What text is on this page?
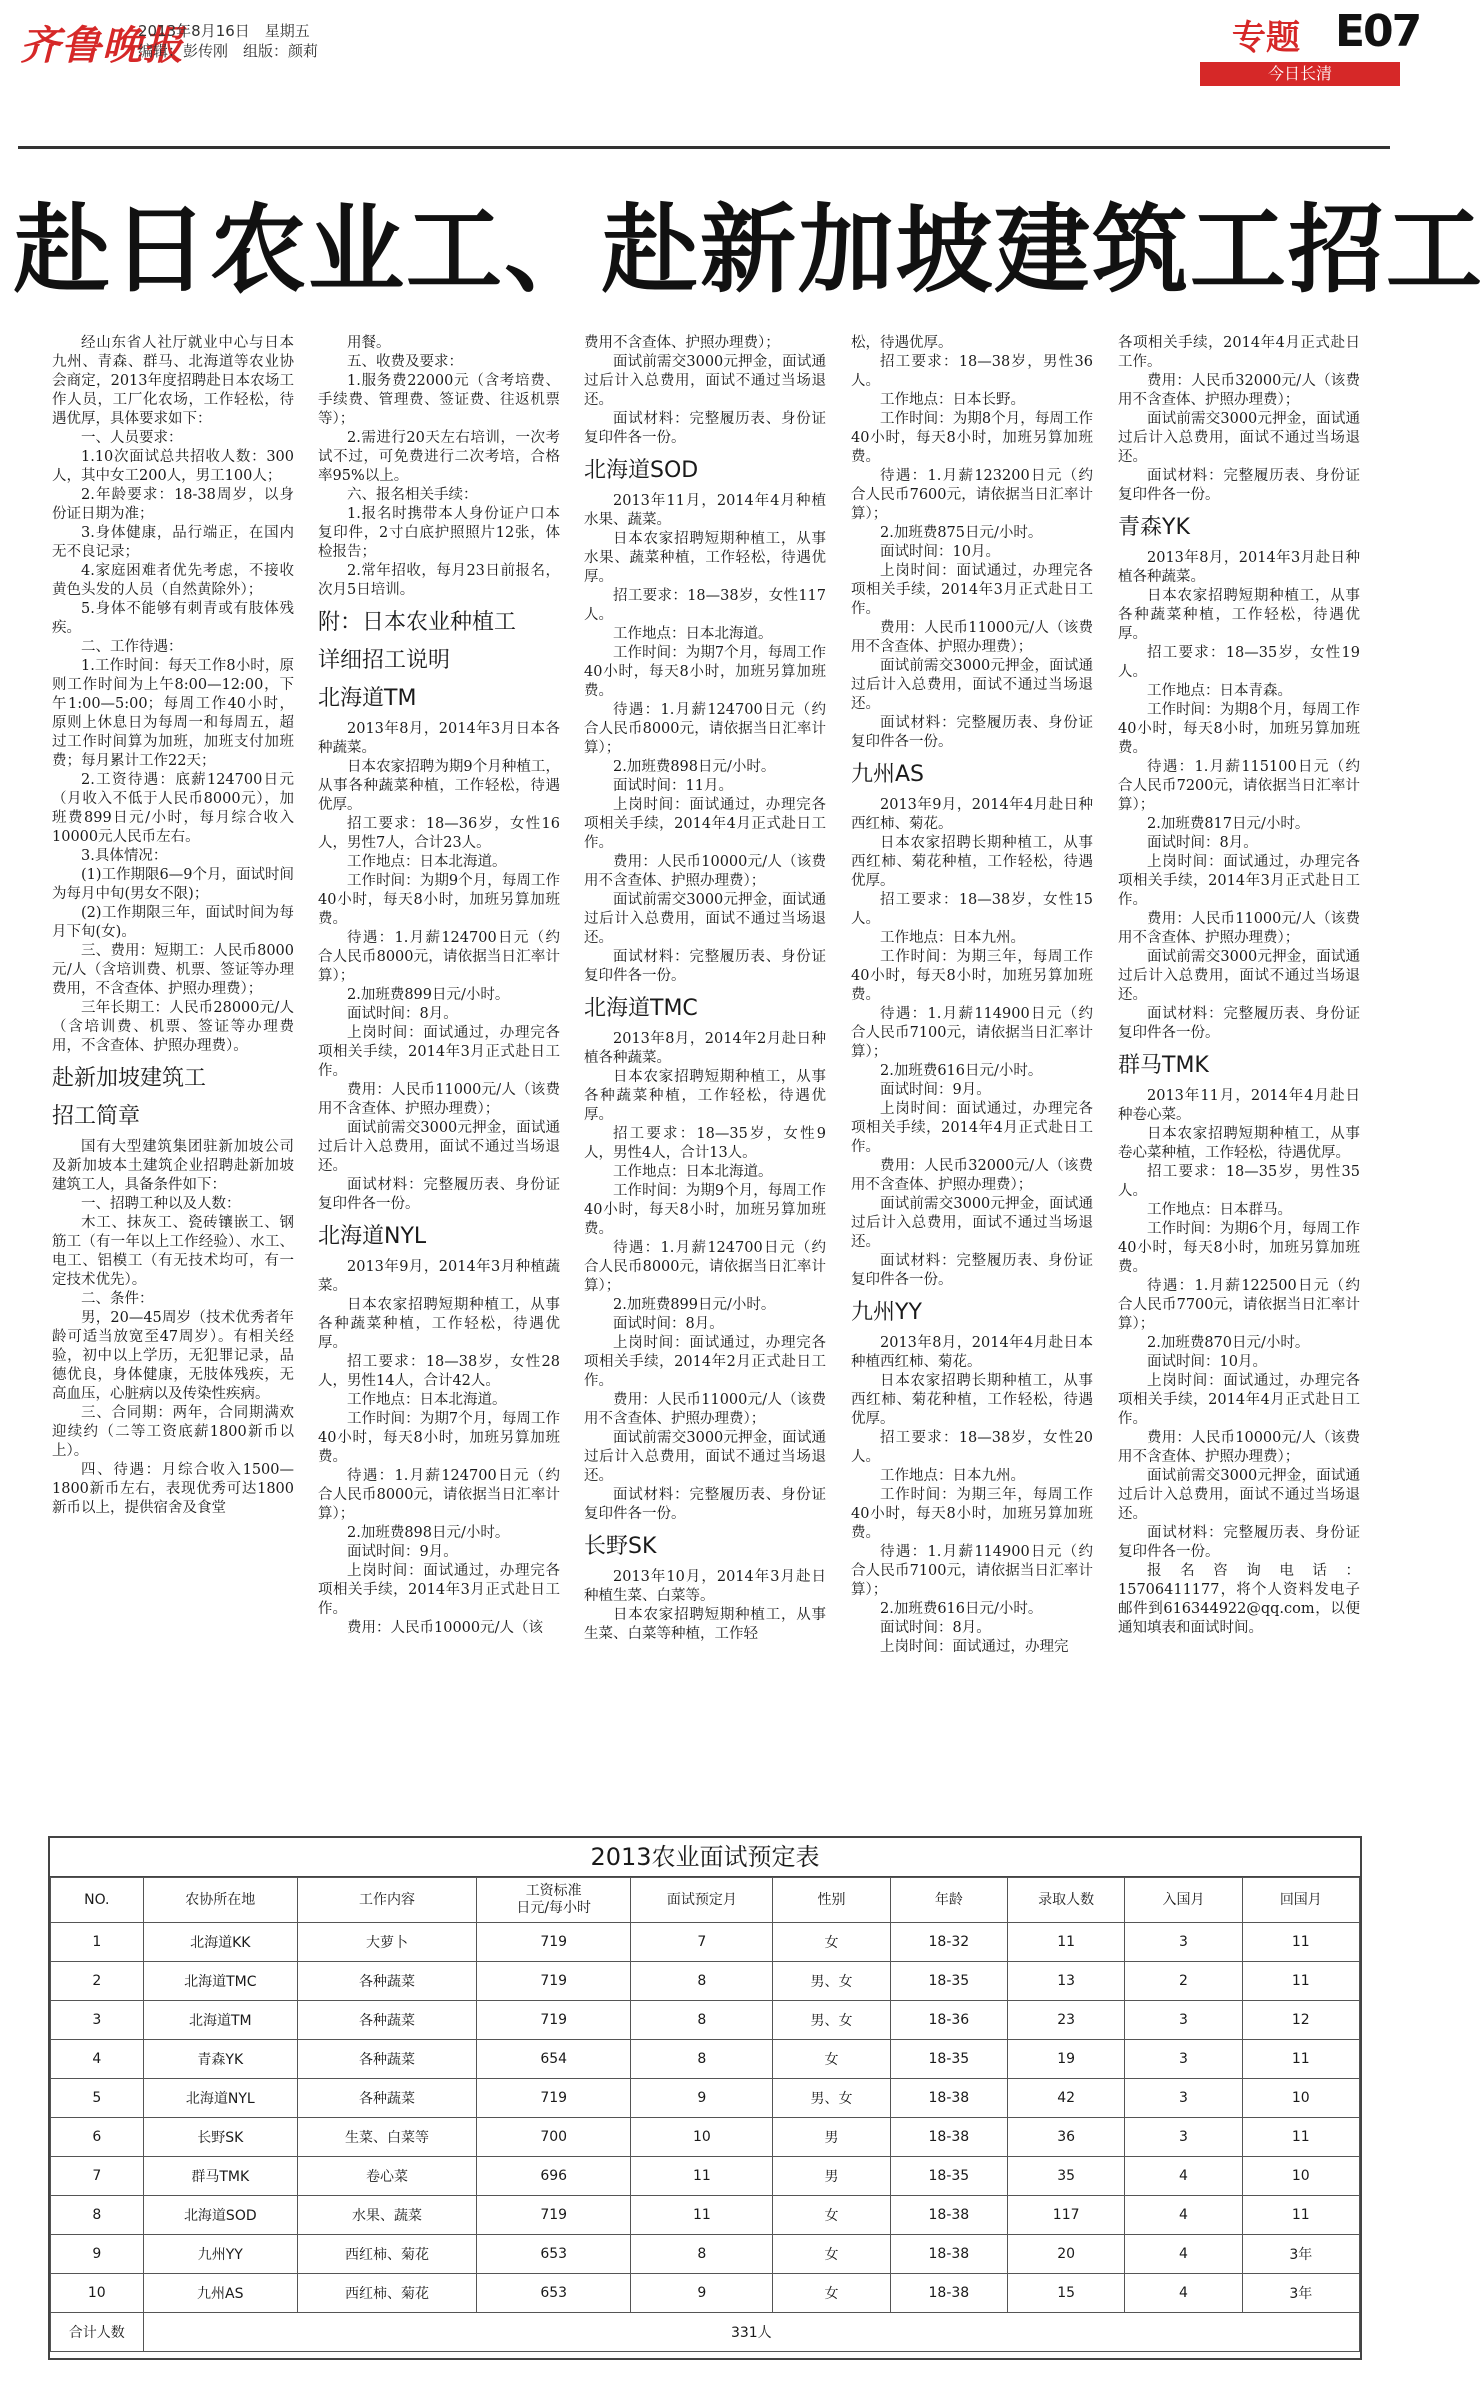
齐鲁晚报
2013年8月16日　星期五
编辑：彭传刚　组版：颜莉	专题 E07
今日长清
赴日农业工、赴新加坡建筑工招工

经山东省人社厅就业中心与日本九州、青森、群马、北海道等农业协会商定，2013年度招聘赴日本农场工作人员，工厂化农场，工作轻松，待遇优厚，具体要求如下：

一、人员要求：

1.10次面试总共招收人数：300人，其中女工200人，男工100人；

2.年龄要求：18-38周岁，以身份证日期为准；

3.身体健康，品行端正，在国内无不良记录；

4.家庭困难者优先考虑，不接收黄色头发的人员（自然黄除外）；

5.身体不能够有刺青或有肢体残疾。

二、工作待遇：

1.工作时间：每天工作8小时，原则工作时间为上午8:00—12:00，下午1:00—5:00；每周工作40小时，原则上休息日为每周一和每周五，超过工作时间算为加班，加班支付加班费；每月累计工作22天；

2.工资待遇：底薪124700日元（月收入不低于人民币8000元），加班费899日元/小时，每月综合收入10000元人民币左右。

3.具体情况：

(1)工作期限6—9个月，面试时间为每月中旬(男女不限)；

(2)工作期限三年，面试时间为每月下旬(女)。

三、费用：短期工：人民币8000元/人（含培训费、机票、签证等办理费用，不含查体、护照办理费）；

三年长期工：人民币28000元/人（含培训费、机票、签证等办理费用，不含查体、护照办理费）。

赴新加坡建筑工
招工简章

国有大型建筑集团驻新加坡公司及新加坡本土建筑企业招聘赴新加坡建筑工人，具备条件如下：

一、招聘工种以及人数：

木工、抹灰工、瓷砖镶嵌工、钢筋工（有一年以上工作经验）、水工、电工、铝模工（有无技术均可，有一定技术优先）。

二、条件：

男，20—45周岁（技术优秀者年龄可适当放宽至47周岁）。有相关经验，初中以上学历，无犯罪记录，品德优良，身体健康，无肢体残疾，无高血压，心脏病以及传染性疾病。

三、合同期：两年，合同期满欢迎续约（二等工资底薪1800新币以上）。

四、待遇：月综合收入1500—1800新币左右，表现优秀可达1800新币以上，提供宿舍及食堂

用餐。

五、收费及要求：

1.服务费22000元（含考培费、手续费、管理费、签证费、往返机票等）；

2.需进行20天左右培训，一次考试不过，可免费进行二次考培，合格率95%以上。

六、报名相关手续：

1.报名时携带本人身份证户口本复印件，2寸白底护照照片12张，体检报告；

2.常年招收，每月23日前报名，次月5日培训。

附：日本农业种植工
详细招工说明
北海道TM

2013年8月，2014年3月日本各种蔬菜。

日本农家招聘为期9个月种植工，从事各种蔬菜种植，工作轻松，待遇优厚。

招工要求：18—36岁，女性16人，男性7人，合计23人。

工作地点：日本北海道。

工作时间：为期9个月，每周工作40小时，每天8小时，加班另算加班费。

待遇：1.月薪124700日元（约合人民币8000元，请依据当日汇率计算）；

2.加班费899日元/小时。

面试时间：8月。

上岗时间：面试通过，办理完各项相关手续，2014年3月正式赴日工作。

费用：人民币11000元/人（该费用不含查体、护照办理费）；

面试前需交3000元押金，面试通过后计入总费用，面试不通过当场退还。

面试材料：完整履历表、身份证复印件各一份。

北海道NYL

2013年9月，2014年3月种植蔬菜。

日本农家招聘短期种植工，从事各种蔬菜种植，工作轻松，待遇优厚。

招工要求：18—38岁，女性28人，男性14人，合计42人。

工作地点：日本北海道。

工作时间：为期7个月，每周工作40小时，每天8小时，加班另算加班费。

待遇：1.月薪124700日元（约合人民币8000元，请依据当日汇率计算）；

2.加班费898日元/小时。

面试时间：9月。

上岗时间：面试通过，办理完各项相关手续，2014年3月正式赴日工作。

费用：人民币10000元/人（该

费用不含查体、护照办理费）；

面试前需交3000元押金，面试通过后计入总费用，面试不通过当场退还。

面试材料：完整履历表、身份证复印件各一份。

北海道SOD

2013年11月，2014年4月种植水果、蔬菜。

日本农家招聘短期种植工，从事水果、蔬菜种植，工作轻松，待遇优厚。

招工要求：18—38岁，女性117人。

工作地点：日本北海道。

工作时间：为期7个月，每周工作40小时，每天8小时，加班另算加班费。

待遇：1.月薪124700日元（约合人民币8000元，请依据当日汇率计算）；

2.加班费898日元/小时。

面试时间：11月。

上岗时间：面试通过，办理完各项相关手续，2014年4月正式赴日工作。

费用：人民币10000元/人（该费用不含查体、护照办理费）；

面试前需交3000元押金，面试通过后计入总费用，面试不通过当场退还。

面试材料：完整履历表、身份证复印件各一份。

北海道TMC

2013年8月，2014年2月赴日种植各种蔬菜。

日本农家招聘短期种植工，从事各种蔬菜种植，工作轻松，待遇优厚。

招工要求：18—35岁，女性9人，男性4人，合计13人。

工作地点：日本北海道。

工作时间：为期9个月，每周工作40小时，每天8小时，加班另算加班费。

待遇：1.月薪124700日元（约合人民币8000元，请依据当日汇率计算）；

2.加班费899日元/小时。

面试时间：8月。

上岗时间：面试通过，办理完各项相关手续，2014年2月正式赴日工作。

费用：人民币11000元/人（该费用不含查体、护照办理费）；

面试前需交3000元押金，面试通过后计入总费用，面试不通过当场退还。

面试材料：完整履历表、身份证复印件各一份。

长野SK

2013年10月，2014年3月赴日种植生菜、白菜等。

日本农家招聘短期种植工，从事生菜、白菜等种植，工作轻

松，待遇优厚。

招工要求：18—38岁，男性36人。

工作地点：日本长野。

工作时间：为期8个月，每周工作40小时，每天8小时，加班另算加班费。

待遇：1.月薪123200日元（约合人民币7600元，请依据当日汇率计算）；

2.加班费875日元/小时。

面试时间：10月。

上岗时间：面试通过，办理完各项相关手续，2014年3月正式赴日工作。

费用：人民币11000元/人（该费用不含查体、护照办理费）；

面试前需交3000元押金，面试通过后计入总费用，面试不通过当场退还。

面试材料：完整履历表、身份证复印件各一份。

九州AS

2013年9月，2014年4月赴日种西红柿、菊花。

日本农家招聘长期种植工，从事西红柿、菊花种植，工作轻松，待遇优厚。

招工要求：18—38岁，女性15人。

工作地点：日本九州。

工作时间：为期三年，每周工作40小时，每天8小时，加班另算加班费。

待遇：1.月薪114900日元（约合人民币7100元，请依据当日汇率计算）；

2.加班费616日元/小时。

面试时间：9月。

上岗时间：面试通过，办理完各项相关手续，2014年4月正式赴日工作。

费用：人民币32000元/人（该费用不含查体、护照办理费）；

面试前需交3000元押金，面试通过后计入总费用，面试不通过当场退还。

面试材料：完整履历表、身份证复印件各一份。

九州YY

2013年8月，2014年4月赴日本种植西红柿、菊花。

日本农家招聘长期种植工，从事西红柿、菊花种植，工作轻松，待遇优厚。

招工要求：18—38岁，女性20人。

工作地点：日本九州。

工作时间：为期三年，每周工作40小时，每天8小时，加班另算加班费。

待遇：1.月薪114900日元（约合人民币7100元，请依据当日汇率计算）；

2.加班费616日元/小时。

面试时间：8月。

上岗时间：面试通过，办理完

各项相关手续，2014年4月正式赴日工作。

费用：人民币32000元/人（该费用不含查体、护照办理费）；

面试前需交3000元押金，面试通过后计入总费用，面试不通过当场退还。

面试材料：完整履历表、身份证复印件各一份。

青森YK

2013年8月，2014年3月赴日种植各种蔬菜。

日本农家招聘短期种植工，从事各种蔬菜种植，工作轻松，待遇优厚。

招工要求：18—35岁，女性19人。

工作地点：日本青森。

工作时间：为期8个月，每周工作40小时，每天8小时，加班另算加班费。

待遇：1.月薪115100日元（约合人民币7200元，请依据当日汇率计算）；

2.加班费817日元/小时。

面试时间：8月。

上岗时间：面试通过，办理完各项相关手续，2014年3月正式赴日工作。

费用：人民币11000元/人（该费用不含查体、护照办理费）；

面试前需交3000元押金，面试通过后计入总费用，面试不通过当场退还。

面试材料：完整履历表、身份证复印件各一份。

群马TMK

2013年11月，2014年4月赴日种卷心菜。

日本农家招聘短期种植工，从事卷心菜种植，工作轻松，待遇优厚。

招工要求：18—35岁，男性35人。

工作地点：日本群马。

工作时间：为期6个月，每周工作40小时，每天8小时，加班另算加班费。

待遇：1.月薪122500日元（约合人民币7700元，请依据当日汇率计算）；

2.加班费870日元/小时。

面试时间：10月。

上岗时间：面试通过，办理完各项相关手续，2014年4月正式赴日工作。

费用：人民币10000元/人（该费用不含查体、护照办理费）；

面试前需交3000元押金，面试通过后计入总费用，面试不通过当场退还。

面试材料：完整履历表、身份证复印件各一份。

报名咨询电话：15706411177，将个人资料发电子邮件到616344922@qq.com，以便通知填表和面试时间。

2013农业面试预定表
NO.	农协所在地	工作内容	工资标准
日元/每小时	面试预定月	性别	年龄	录取人数	入国月	回国月
1	北海道KK	大萝卜	719	7	女	18-32	11	3	11
2	北海道TMC	各种蔬菜	719	8	男、女	18-35	13	2	11
3	北海道TM	各种蔬菜	719	8	男、女	18-36	23	3	12
4	青森YK	各种蔬菜	654	8	女	18-35	19	3	11
5	北海道NYL	各种蔬菜	719	9	男、女	18-38	42	3	10
6	长野SK	生菜、白菜等	700	10	男	18-38	36	3	11
7	群马TMK	卷心菜	696	11	男	18-35	35	4	10
8	北海道SOD	水果、蔬菜	719	11	女	18-38	117	4	11
9	九州YY	西红柿、菊花	653	8	女	18-38	20	4	3年
10	九州AS	西红柿、菊花	653	9	女	18-38	15	4	3年
合计人数	331人								
